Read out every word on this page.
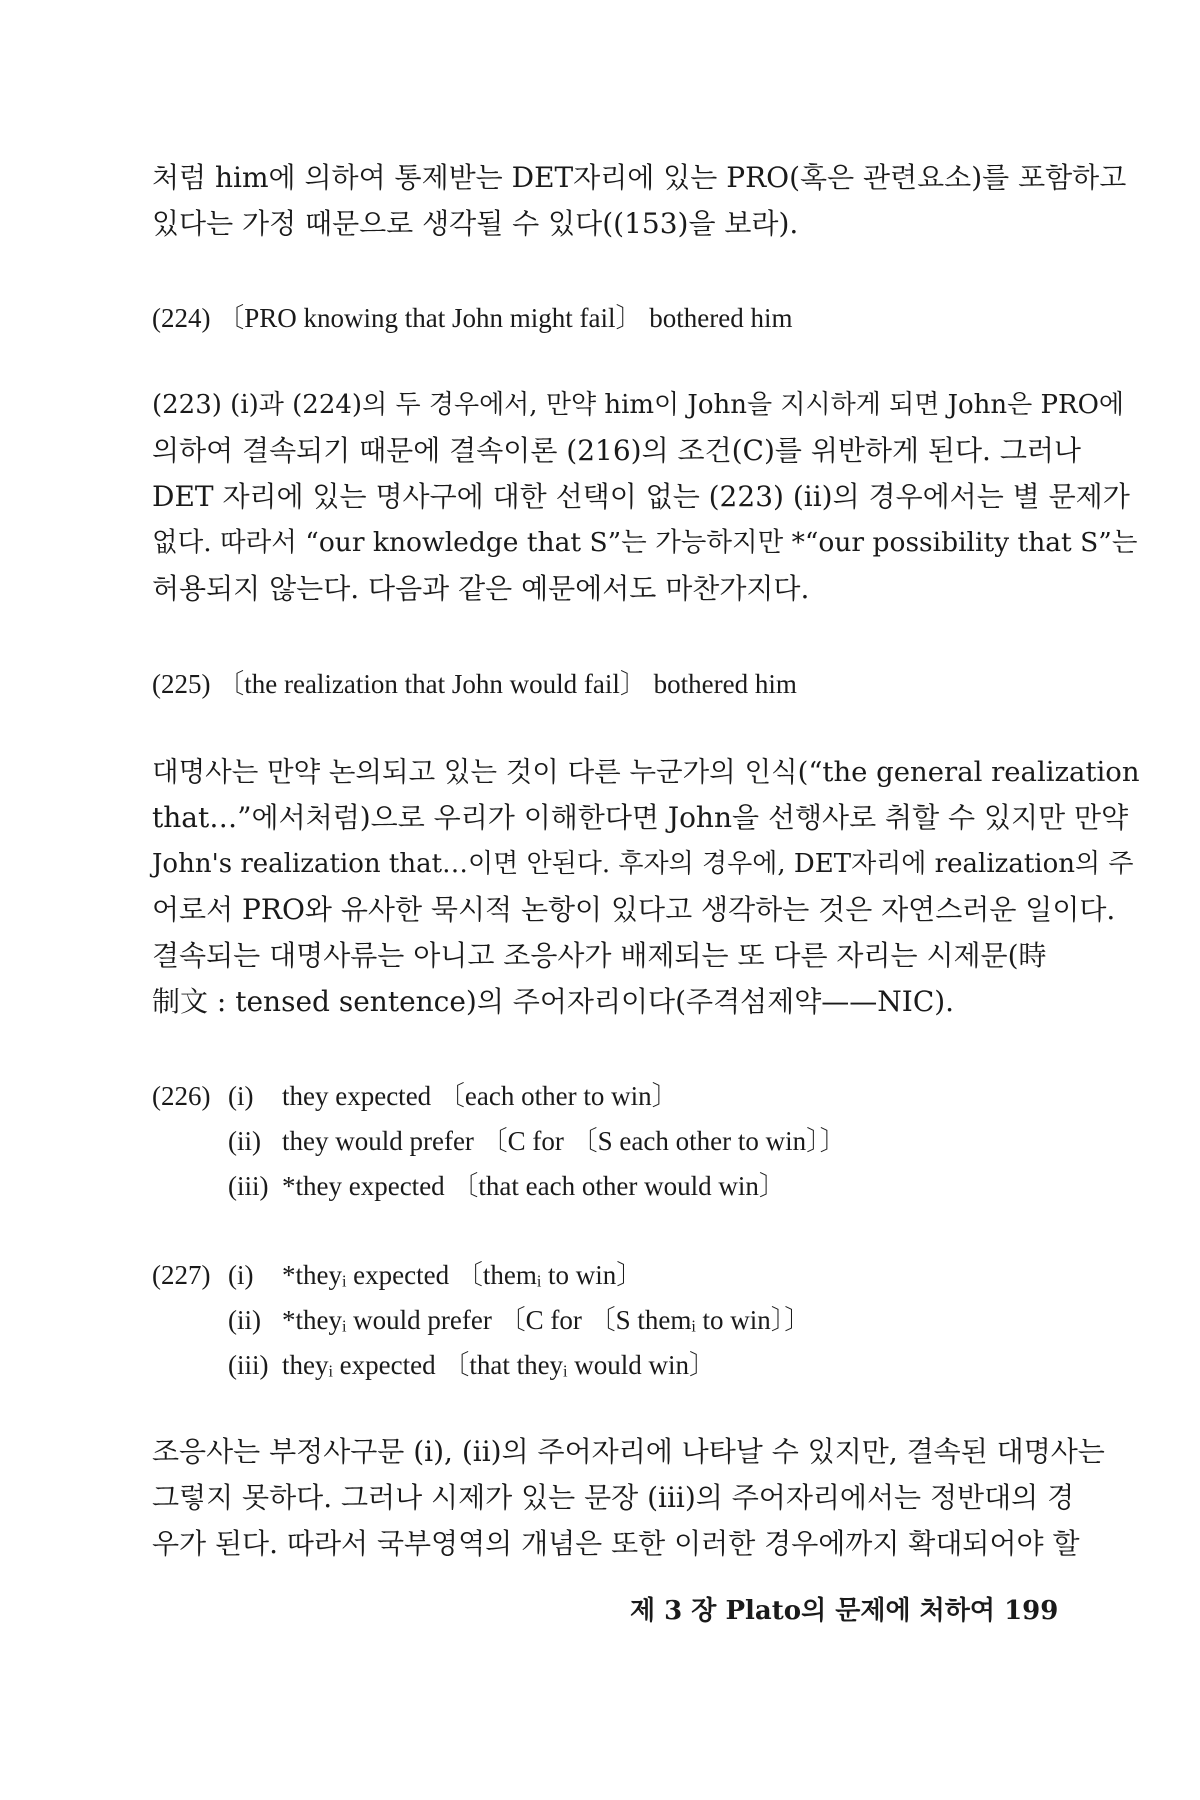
처럼 him에 의하여 통제받는 DET자리에 있는 PRO(혹은 관련요소)를 포함하고
있다는 가정 때문으로 생각될 수 있다((153)을 보라).
(224) 〔PRO knowing that John might fail〕 bothered him
(223) (i)과 (224)의 두 경우에서, 만약 him이 John을 지시하게 되면 John은 PRO에
의하여 결속되기 때문에 결속이론 (216)의 조건(C)를 위반하게 된다. 그러나
DET 자리에 있는 명사구에 대한 선택이 없는 (223) (ii)의 경우에서는 별 문제가
없다. 따라서 “our knowledge that S”는 가능하지만 *“our possibility that S”는
허용되지 않는다. 다음과 같은 예문에서도 마찬가지다.
(225) 〔the realization that John would fail〕 bothered him
대명사는 만약 논의되고 있는 것이 다른 누군가의 인식(“the general realization
that…”에서처럼)으로 우리가 이해한다면 John을 선행사로 취할 수 있지만 만약
John's realization that…이면 안된다. 후자의 경우에, DET자리에 realization의 주
어로서 PRO와 유사한 묵시적 논항이 있다고 생각하는 것은 자연스러운 일이다.
결속되는 대명사류는 아니고 조응사가 배제되는 또 다른 자리는 시제문(時
制文 : tensed sentence)의 주어자리이다(주격섬제약——NIC).
(226) (i) they expected 〔each other to win〕
(ii) they would prefer 〔C for 〔S each other to win〕〕
(iii) *they expected 〔that each other would win〕
(227) (i) *theyᵢ expected 〔themᵢ to win〕
(ii) *theyᵢ would prefer 〔C for 〔S themᵢ to win〕〕
(iii) theyᵢ expected 〔that theyᵢ would win〕
조응사는 부정사구문 (i), (ii)의 주어자리에 나타날 수 있지만, 결속된 대명사는
그렇지 못하다. 그러나 시제가 있는 문장 (iii)의 주어자리에서는 정반대의 경
우가 된다. 따라서 국부영역의 개념은 또한 이러한 경우에까지 확대되어야 할
제 3 장 Plato의 문제에 처하여 199
